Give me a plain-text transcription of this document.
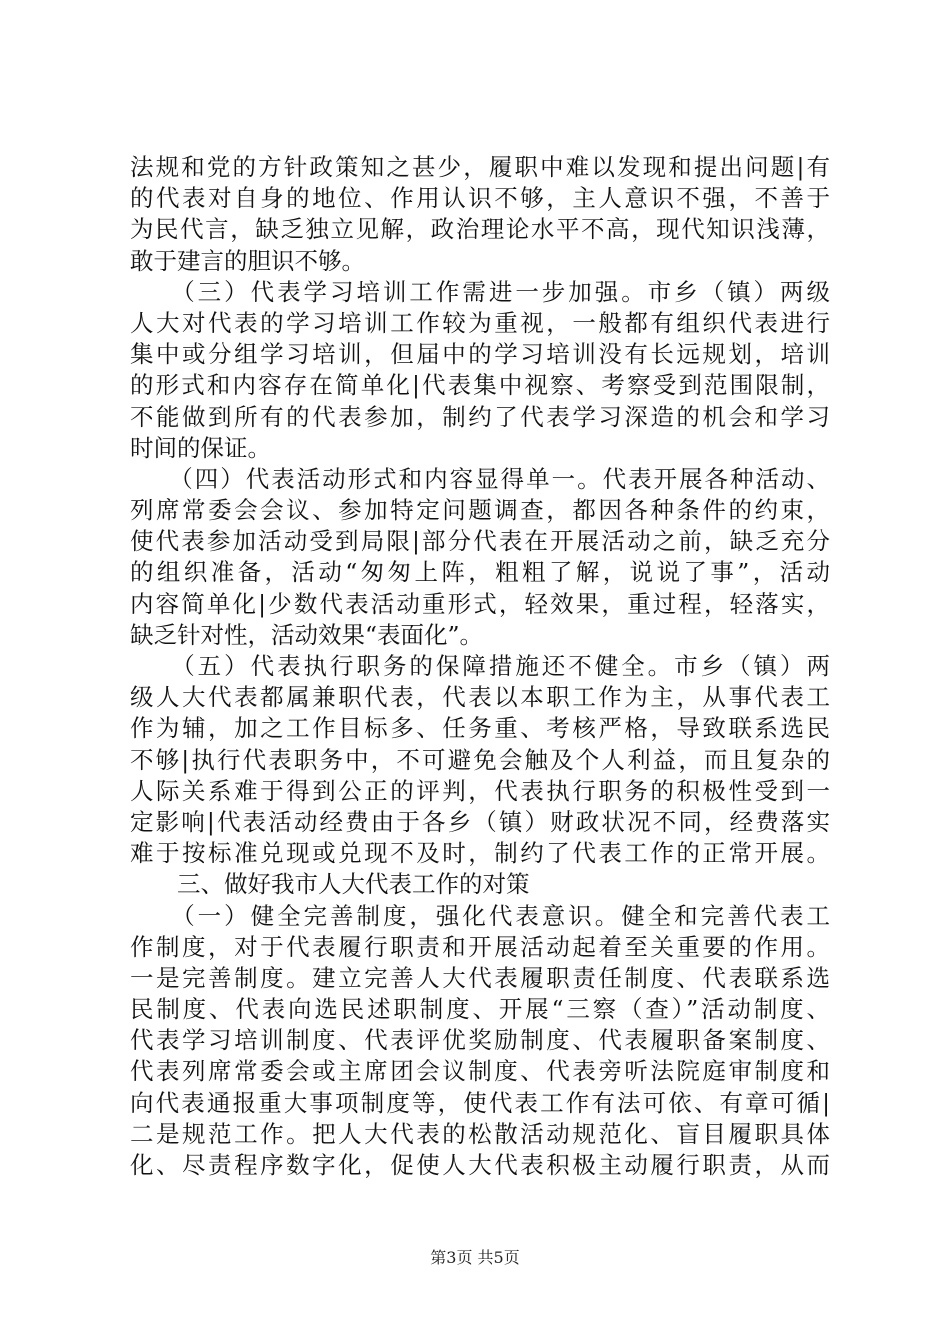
法规和党的方针政策知之甚少，履职中难以发现和提出问题|有
的代表对自身的地位、作用认识不够，主人意识不强，不善于
为民代言，缺乏独立见解，政治理论水平不高，现代知识浅薄，
敢于建言的胆识不够。
　　（三）代表学习培训工作需进一步加强。市乡（镇）两级
人大对代表的学习培训工作较为重视，一般都有组织代表进行
集中或分组学习培训，但届中的学习培训没有长远规划，培训
的形式和内容存在简单化|代表集中视察、考察受到范围限制，
不能做到所有的代表参加，制约了代表学习深造的机会和学习
时间的保证。
　　（四）代表活动形式和内容显得单一。代表开展各种活动、
列席常委会会议、参加特定问题调查，都因各种条件的约束，
使代表参加活动受到局限|部分代表在开展活动之前，缺乏充分
的组织准备，活动“匆匆上阵，粗粗了解，说说了事”，活动
内容简单化|少数代表活动重形式，轻效果，重过程，轻落实，
缺乏针对性，活动效果“表面化”。
　　（五）代表执行职务的保障措施还不健全。市乡（镇）两
级人大代表都属兼职代表，代表以本职工作为主，从事代表工
作为辅，加之工作目标多、任务重、考核严格，导致联系选民
不够|执行代表职务中，不可避免会触及个人利益，而且复杂的
人际关系难于得到公正的评判，代表执行职务的积极性受到一
定影响|代表活动经费由于各乡（镇）财政状况不同，经费落实
难于按标准兑现或兑现不及时，制约了代表工作的正常开展。
　　三、做好我市人大代表工作的对策
　　（一）健全完善制度，强化代表意识。健全和完善代表工
作制度，对于代表履行职责和开展活动起着至关重要的作用。
一是完善制度。建立完善人大代表履职责任制度、代表联系选
民制度、代表向选民述职制度、开展“三察（查）”活动制度、
代表学习培训制度、代表评优奖励制度、代表履职备案制度、
代表列席常委会或主席团会议制度、代表旁听法院庭审制度和
向代表通报重大事项制度等，使代表工作有法可依、有章可循|
二是规范工作。把人大代表的松散活动规范化、盲目履职具体
化、尽责程序数字化，促使人大代表积极主动履行职责，从而
第3页 共5页
